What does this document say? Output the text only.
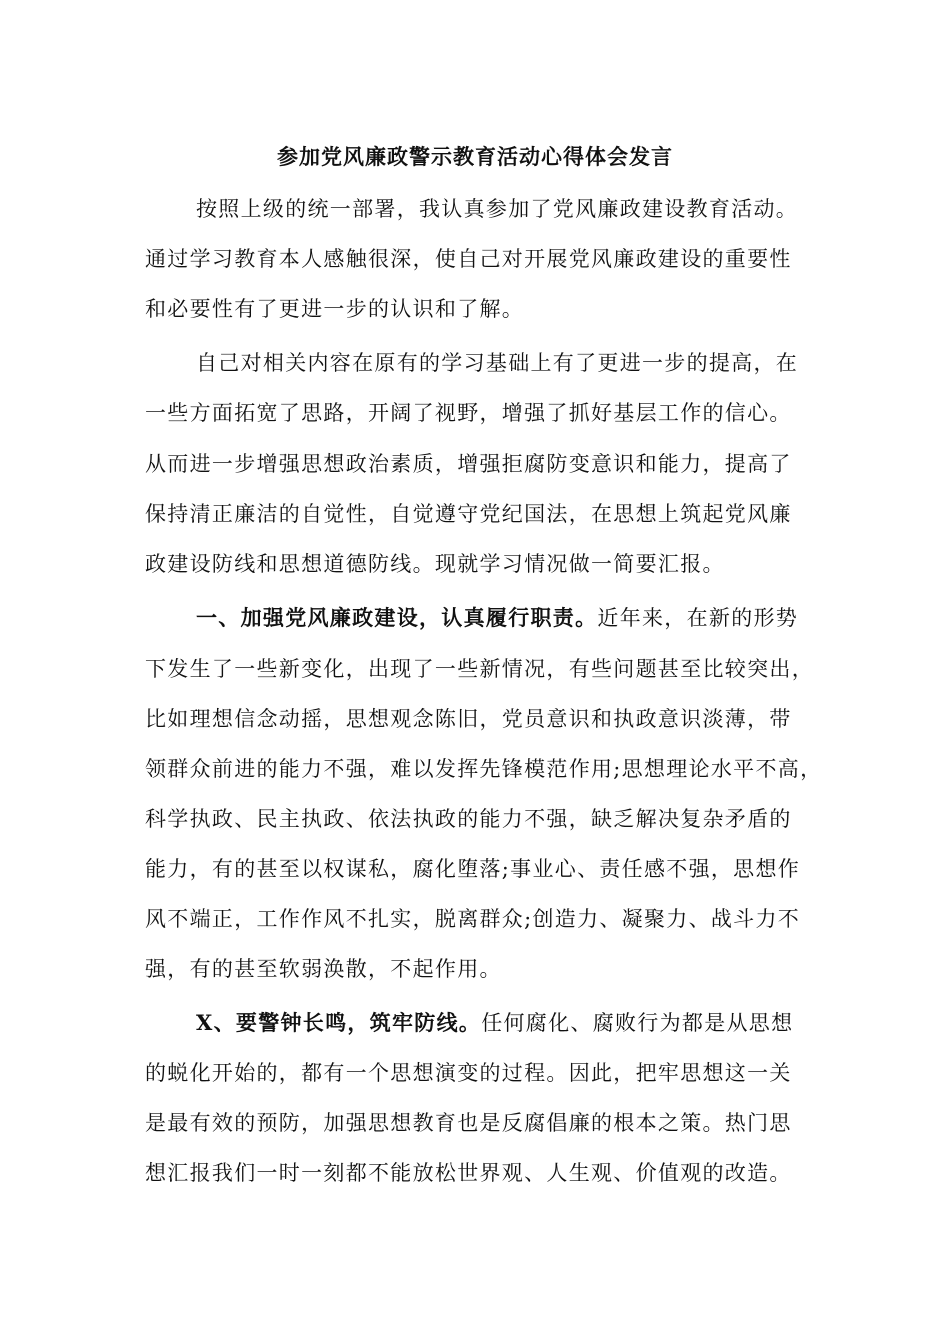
参加党风廉政警示教育活动心得体会发言
按照上级的统一部署，我认真参加了党风廉政建设教育活动。
通过学习教育本人感触很深，使自己对开展党风廉政建设的重要性
和必要性有了更进一步的认识和了解。
自己对相关内容在原有的学习基础上有了更进一步的提高，在
一些方面拓宽了思路，开阔了视野，增强了抓好基层工作的信心。
从而进一步增强思想政治素质，增强拒腐防变意识和能力，提高了
保持清正廉洁的自觉性，自觉遵守党纪国法，在思想上筑起党风廉
政建设防线和思想道德防线。现就学习情况做一简要汇报。
一、加强党风廉政建设，认真履行职责。近年来，在新的形势
下发生了一些新变化，出现了一些新情况，有些问题甚至比较突出，
比如理想信念动摇，思想观念陈旧，党员意识和执政意识淡薄，带
领群众前进的能力不强，难以发挥先锋模范作用;思想理论水平不高，
科学执政、民主执政、依法执政的能力不强，缺乏解决复杂矛盾的
能力，有的甚至以权谋私，腐化堕落;事业心、责任感不强，思想作
风不端正，工作作风不扎实，脱离群众;创造力、凝聚力、战斗力不
强，有的甚至软弱涣散，不起作用。
X、要警钟长鸣，筑牢防线。任何腐化、腐败行为都是从思想
的蜕化开始的，都有一个思想演变的过程。因此，把牢思想这一关
是最有效的预防，加强思想教育也是反腐倡廉的根本之策。热门思
想汇报我们一时一刻都不能放松世界观、人生观、价值观的改造。
